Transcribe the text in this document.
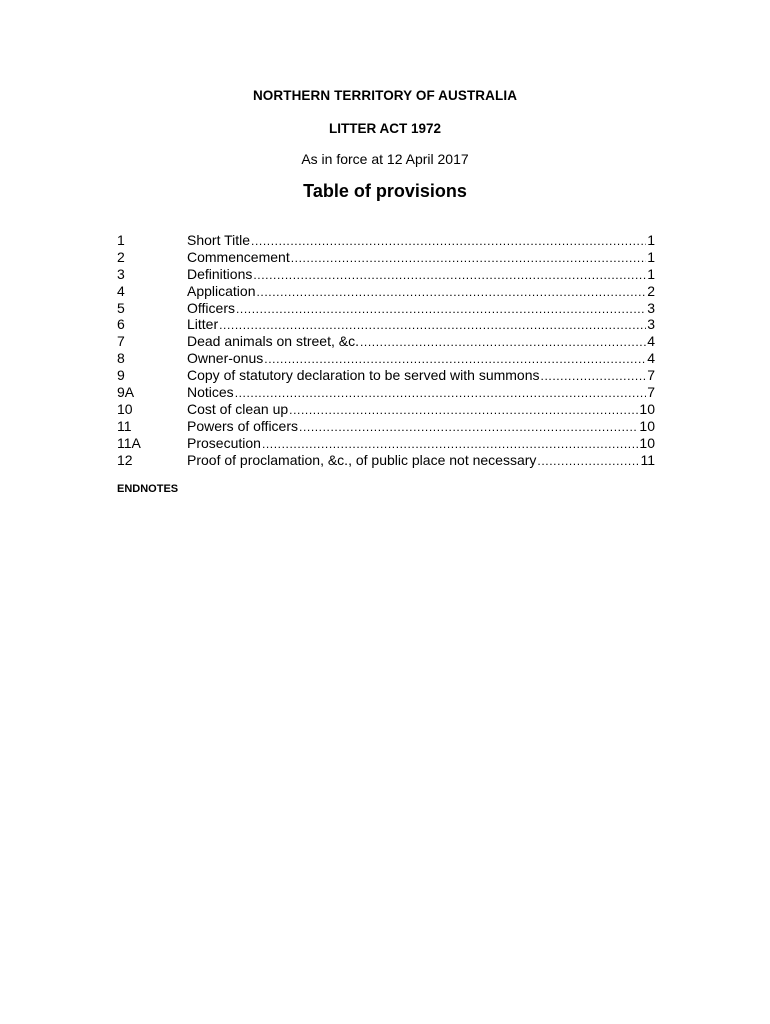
NORTHERN TERRITORY OF AUSTRALIA
LITTER ACT 1972
As in force at 12 April 2017
Table of provisions
1	Short Title .....	1
2	Commencement .....	1
3	Definitions .....	1
4	Application .....	2
5	Officers .....	3
6	Litter .....	3
7	Dead animals on street, &c. .....	4
8	Owner-onus .....	4
9	Copy of statutory declaration to be served with summons .....	7
9A	Notices .....	7
10	Cost of clean up .....	10
11	Powers of officers .....	10
11A	Prosecution .....	10
12	Proof of proclamation, &c., of public place not necessary .....	11
ENDNOTES
